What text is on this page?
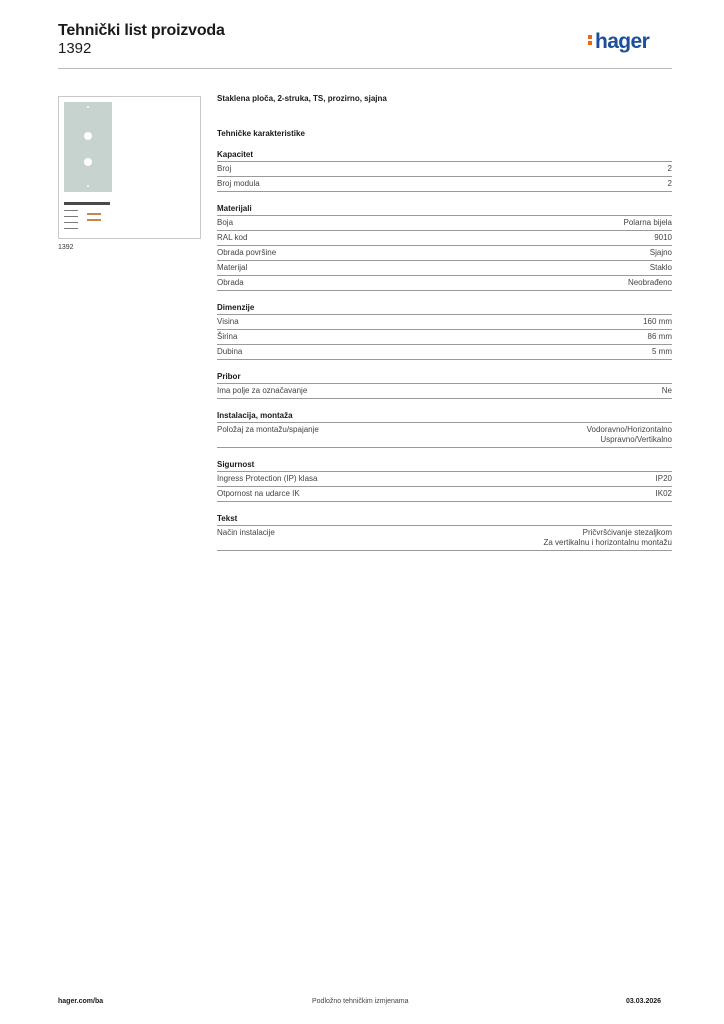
Tehnički list proizvoda
1392	hager
1392
Staklena ploča, 2-struka, TS, prozirno, sjajna
Tehničke karakteristike
Kapacitet
Broj	2
Broj modula	2
Materijali
Boja	Polarna bijela
RAL kod	9010
Obrada površine	Sjajno
Materijal	Staklo
Obrada	Neobrađeno
Dimenzije
Visina	160 mm
Širina	86 mm
Dubina	5 mm
Pribor
Ima polje za označavanje	Ne
Instalacija, montaža
Položaj za montažu/spajanje	Vodoravno/Horizontalno
Uspravno/Vertikalno
Sigurnost
Ingress Protection (IP) klasa	IP20
Otpornost na udarce IK	IK02
Tekst
Način instalacije	Pričvršćivanje stezaljkom
Za vertikalnu i horizontalnu montažu
hager.com/ba	Podložno tehničkim izmjenama	03.03.2026
